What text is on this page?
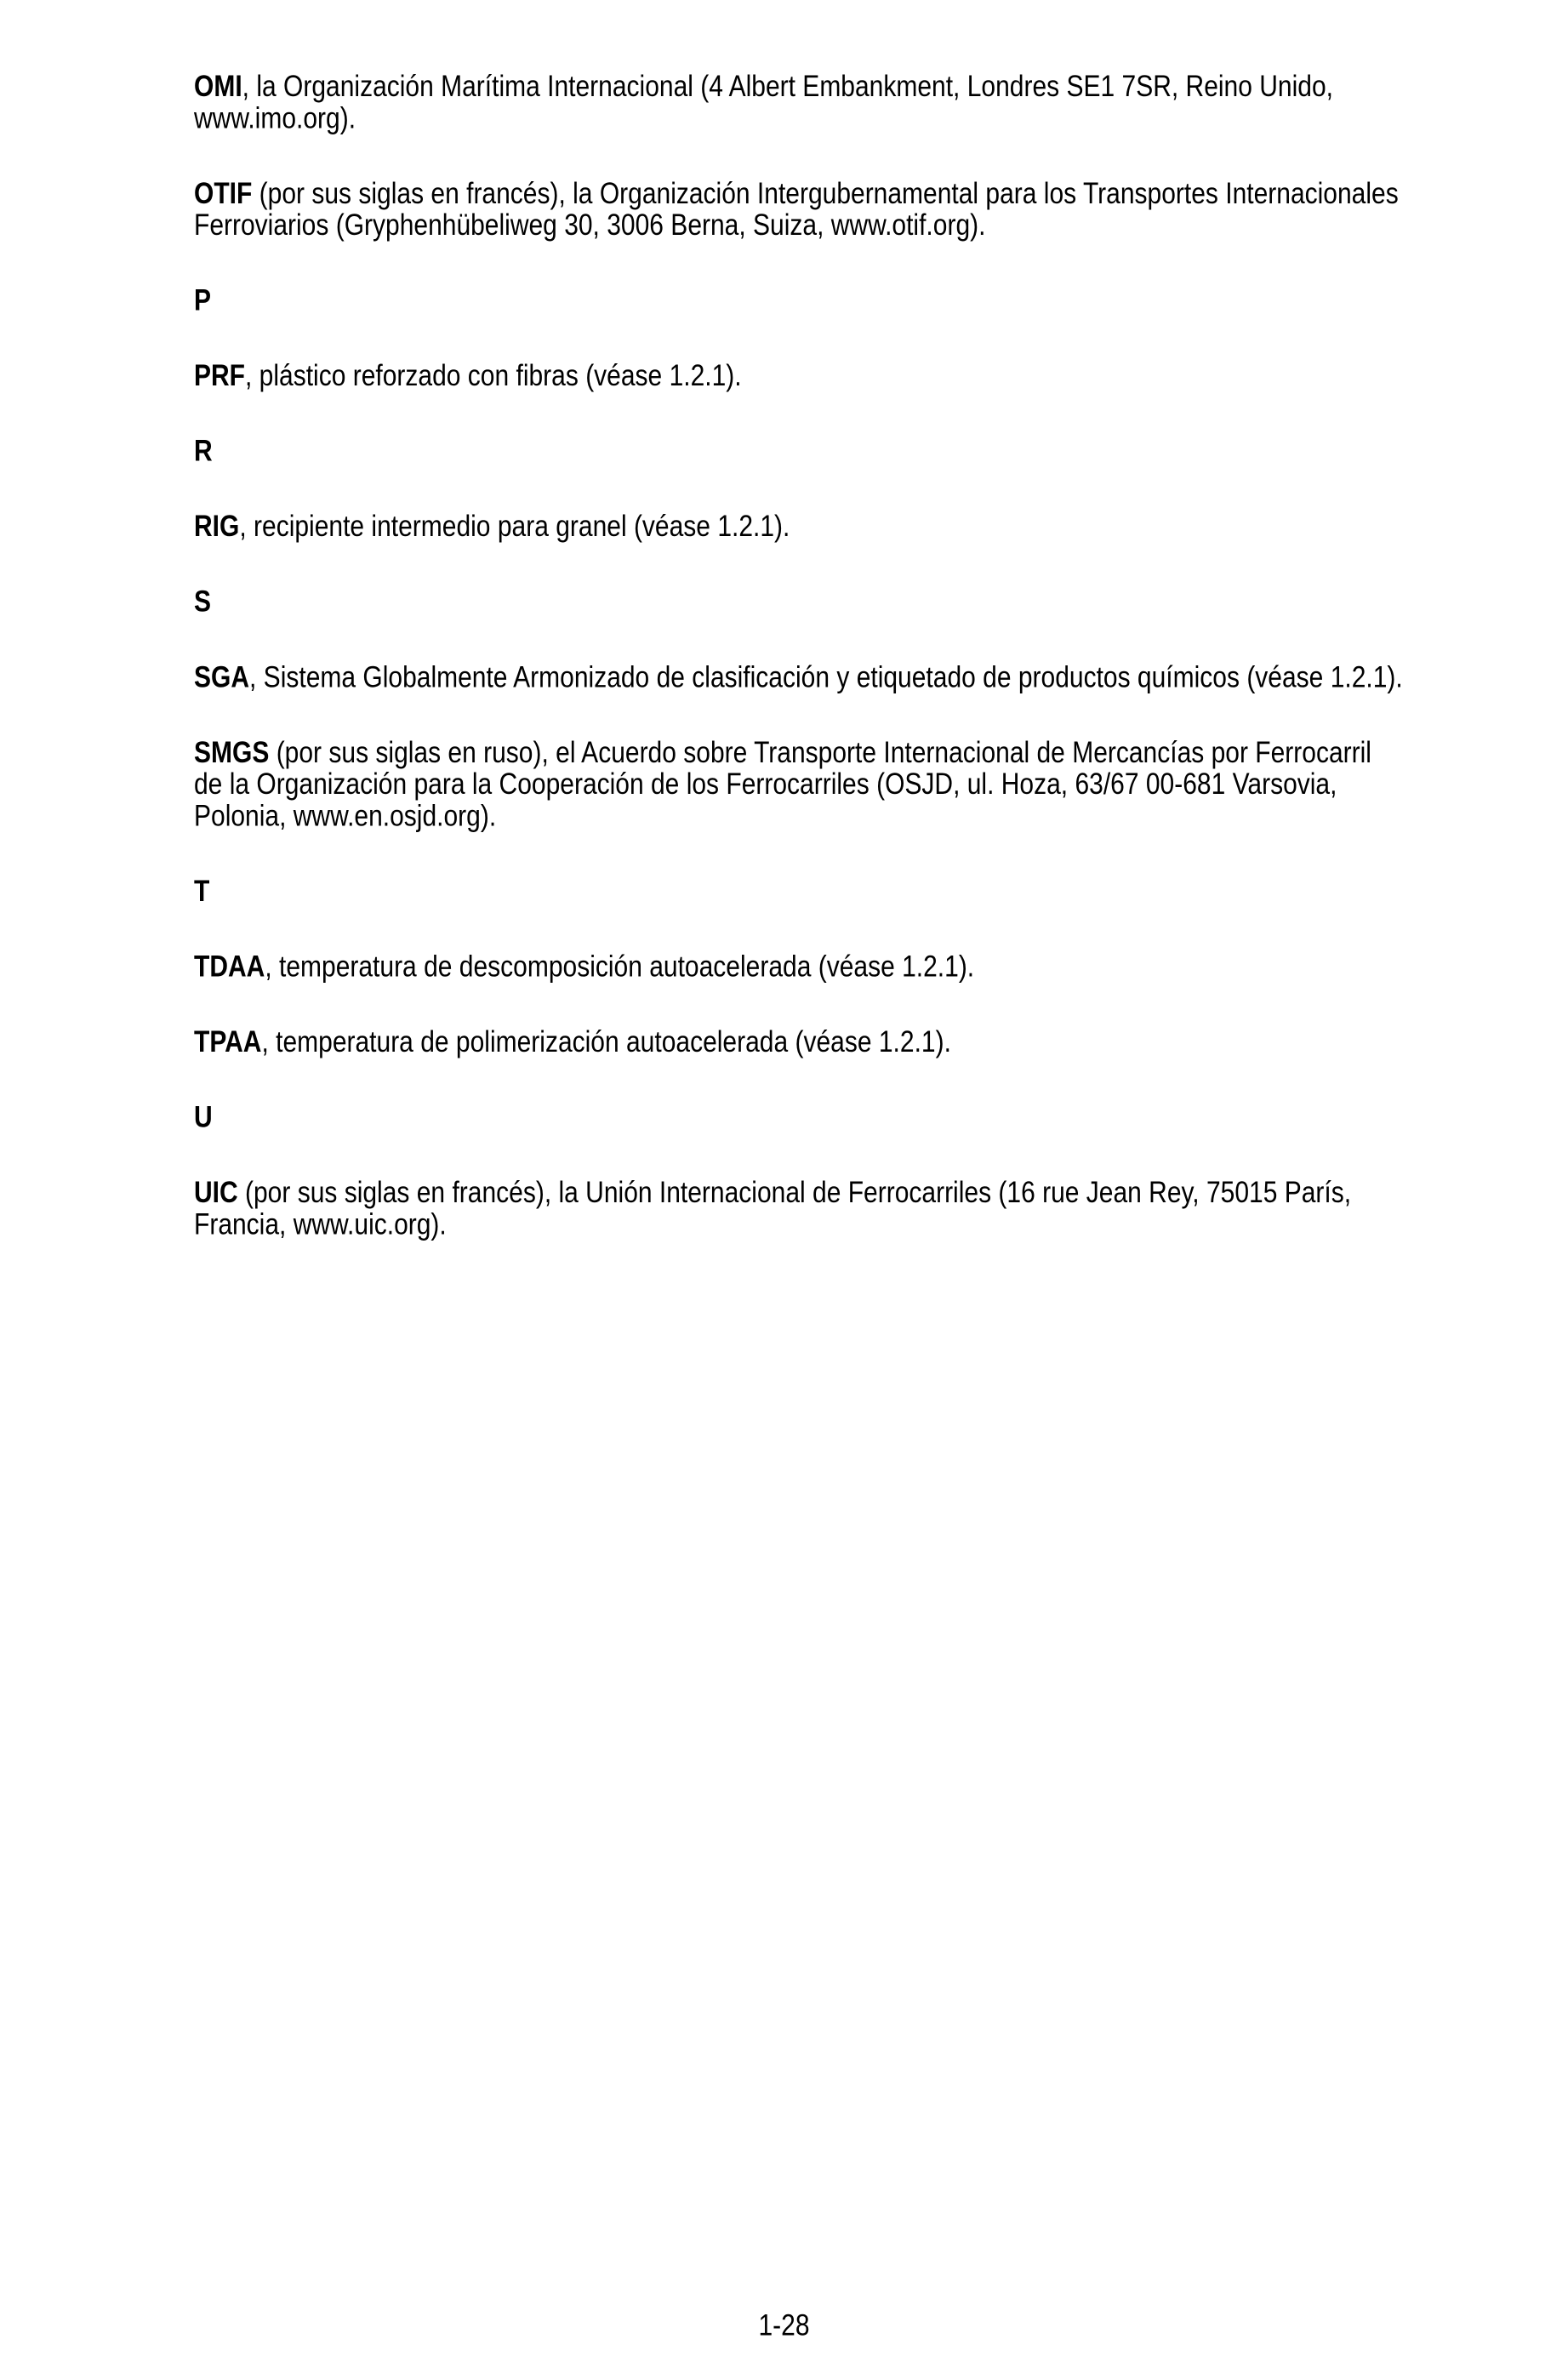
OMI, la Organización Marítima Internacional (4 Albert Embankment, Londres SE1 7SR, Reino Unido,
www.imo.org).

OTIF (por sus siglas en francés), la Organización Intergubernamental para los Transportes Internacionales
Ferroviarios (Gryphenhübeliweg 30, 3006 Berna, Suiza, www.otif.org).

P

PRF, plástico reforzado con fibras (véase 1.2.1).

R

RIG, recipiente intermedio para granel (véase 1.2.1).

S

SGA, Sistema Globalmente Armonizado de clasificación y etiquetado de productos químicos (véase 1.2.1).

SMGS (por sus siglas en ruso), el Acuerdo sobre Transporte Internacional de Mercancías por Ferrocarril
de la Organización para la Cooperación de los Ferrocarriles (OSJD, ul. Hoza, 63/67 00-681 Varsovia,
Polonia, www.en.osjd.org).

T

TDAA, temperatura de descomposición autoacelerada (véase 1.2.1).

TPAA, temperatura de polimerización autoacelerada (véase 1.2.1).

U

UIC (por sus siglas en francés), la Unión Internacional de Ferrocarriles (16 rue Jean Rey, 75015 París,
Francia, www.uic.org).

1-28
